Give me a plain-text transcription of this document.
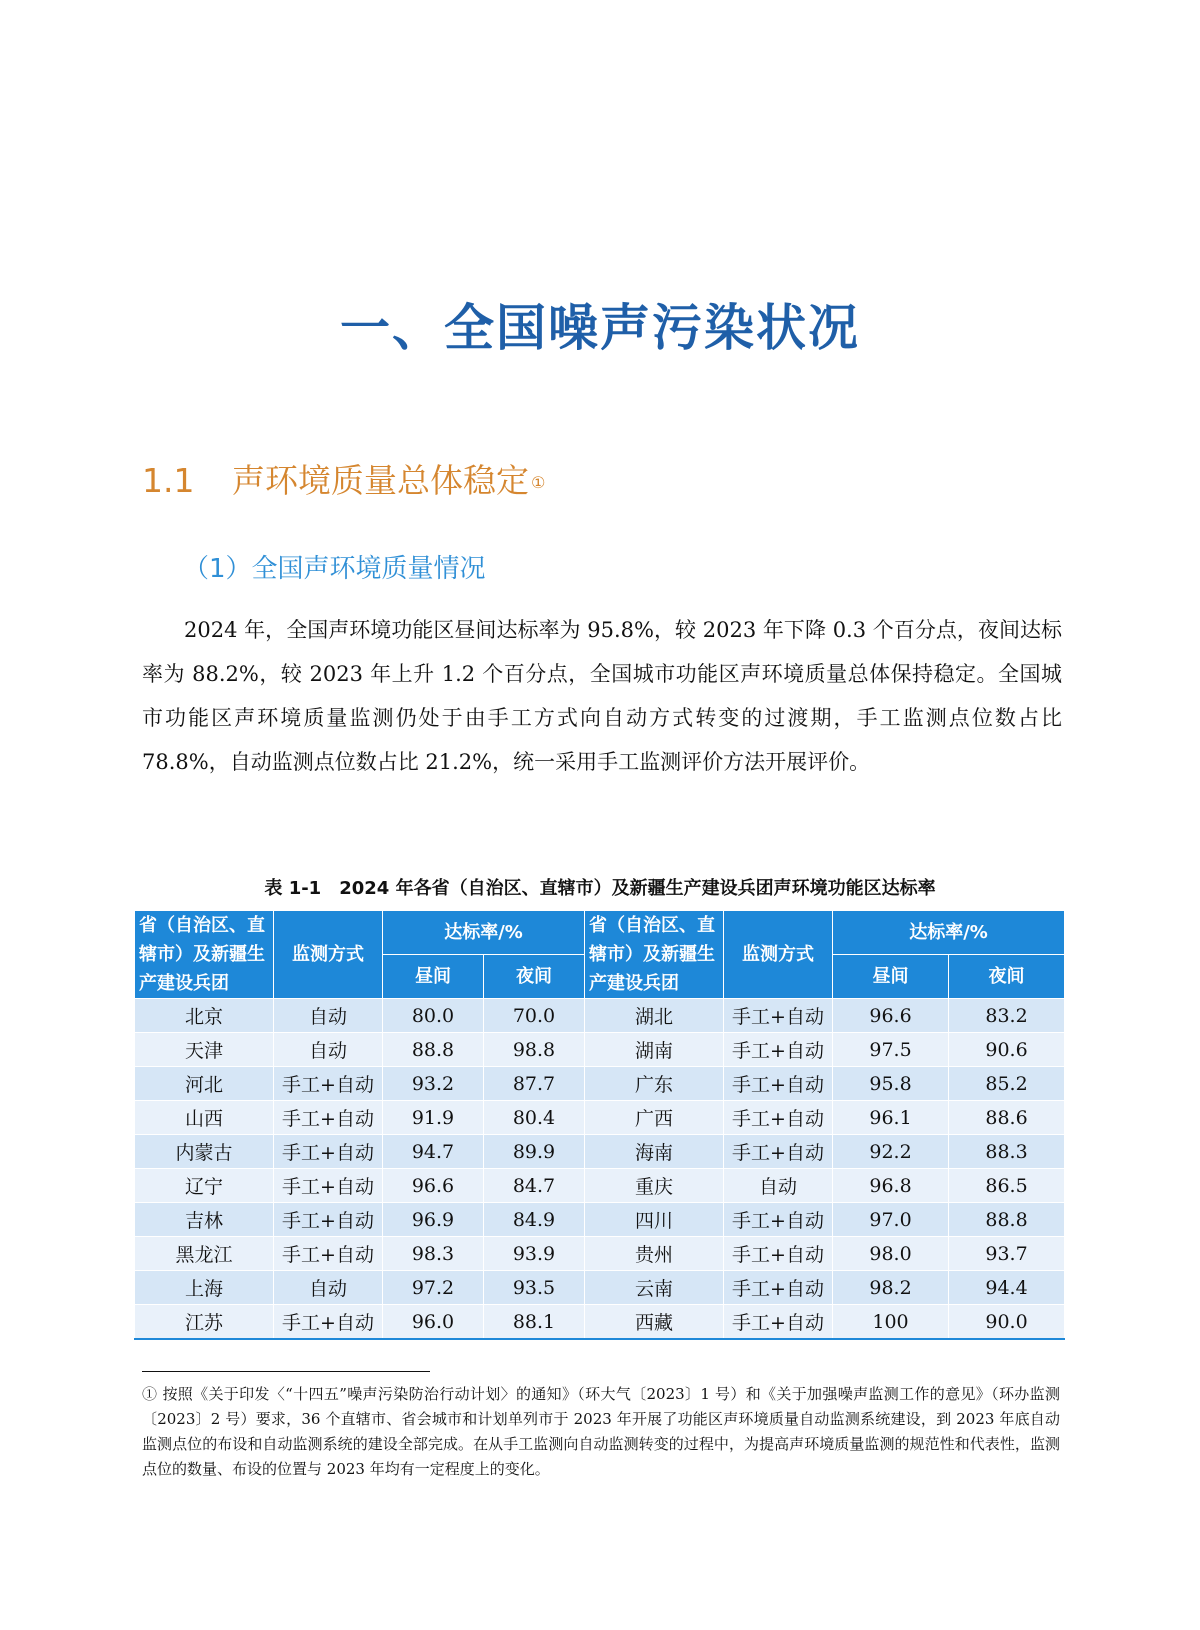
一、全国噪声污染状况
1.1	声环境质量总体稳定①
（1）全国声环境质量情况

2024 年，全国声环境功能区昼间达标率为 95.8%，较 2023 年下降 0.3 个百分点，夜间达标率为 88.2%，较 2023 年上升 1.2 个百分点，全国城市功能区声环境质量总体保持稳定。全国城市功能区声环境质量监测仍处于由手工方式向自动方式转变的过渡期，手工监测点位数占比 78.8%，自动监测点位数占比 21.2%，统一采用手工监测评价方法开展评价。

表 1-1　2024 年各省（自治区、直辖市）及新疆生产建设兵团声环境功能区达标率
省（自治区、直辖市）及新疆生产建设兵团	监测方式	达标率/%		省（自治区、直辖市）及新疆生产建设兵团	监测方式	达标率/%	
		昼间	夜间			昼间	夜间
北京	自动	80.0	70.0	湖北	手工+自动	96.6	83.2
天津	自动	88.8	98.8	湖南	手工+自动	97.5	90.6
河北	手工+自动	93.2	87.7	广东	手工+自动	95.8	85.2
山西	手工+自动	91.9	80.4	广西	手工+自动	96.1	88.6
内蒙古	手工+自动	94.7	89.9	海南	手工+自动	92.2	88.3
辽宁	手工+自动	96.6	84.7	重庆	自动	96.8	86.5
吉林	手工+自动	96.9	84.9	四川	手工+自动	97.0	88.8
黑龙江	手工+自动	98.3	93.9	贵州	手工+自动	98.0	93.7
上海	自动	97.2	93.5	云南	手工+自动	98.2	94.4
江苏	手工+自动	96.0	88.1	西藏	手工+自动	100	90.0

① 按照《关于印发〈“十四五”噪声污染防治行动计划〉的通知》（环大气〔2023〕1 号）和《关于加强噪声监测工作的意见》（环办监测〔2023〕2 号）要求，36 个直辖市、省会城市和计划单列市于 2023 年开展了功能区声环境质量自动监测系统建设，到 2023 年底自动监测点位的布设和自动监测系统的建设全部完成。在从手工监测向自动监测转变的过程中，为提高声环境质量监测的规范性和代表性，监测点位的数量、布设的位置与 2023 年均有一定程度上的变化。
